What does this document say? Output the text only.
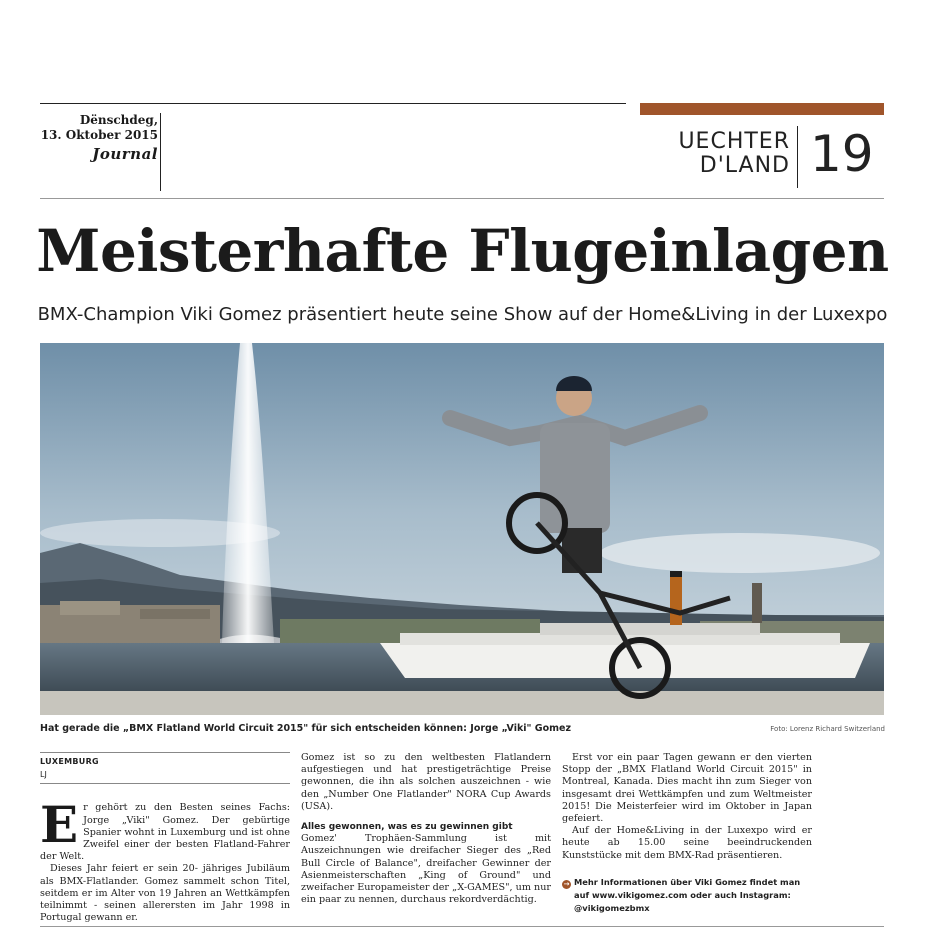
Dënschdeg,
13. Oktober 2015
Journal	UECHTER
D'LAND 19
Meisterhafte Flugeinlagen
BMX-Champion Viki Gomez präsentiert heute seine Show auf der Home&Living in der Luxexpo
Hat gerade die „BMX Flatland World Circuit 2015" für sich entscheiden können: Jorge „Viki" Gomez	Foto: Lorenz Richard Switzerland
LUXEMBURG
LJ

Er gehört zu den Besten seines Fachs: Jorge „Viki" Gomez. Der gebürtige Spanier wohnt in Luxemburg und ist ohne Zweifel einer der besten Flatland-Fahrer der Welt.

Dieses Jahr feiert er sein 20- jähriges Jubiläum als BMX-Flatlander. Gomez sammelt schon Titel, seitdem er im Alter von 19 Jahren an Wettkämpfen teilnimmt - seinen allerersten im Jahr 1998 in Portugal gewann er.

Gomez ist so zu den weltbesten Flatlandern aufgestiegen und hat prestigeträchtige Preise gewonnen, die ihn als solchen auszeichnen - wie den „Number One Flatlander" NORA Cup Awards (USA).

Alles gewonnen, was es zu gewinnen gibt

Gomez' Trophäen-Sammlung ist mit Auszeichnungen wie dreifacher Sieger des „Red Bull Circle of Balance", dreifacher Gewinner der Asienmeisterschaften „King of Ground" und zweifacher Europameister der „X-GAMES", um nur ein paar zu nennen, durchaus rekordverdächtig.

Erst vor ein paar Tagen gewann er den vierten Stopp der „BMX Flatland World Circuit 2015" in Montreal, Kanada. Dies macht ihn zum Sieger von insgesamt drei Wettkämpfen und zum Weltmeister 2015! Die Meisterfeier wird im Oktober in Japan gefeiert.

Auf der Home&Living in der Luxexpo wird er heute ab 15.00 seine beeindruckenden Kunststücke mit dem BMX-Rad präsentieren.

→ Mehr Informationen über Viki Gomez findet man
auf www.vikigomez.com oder auch Instagram:
@vikigomezbmx
